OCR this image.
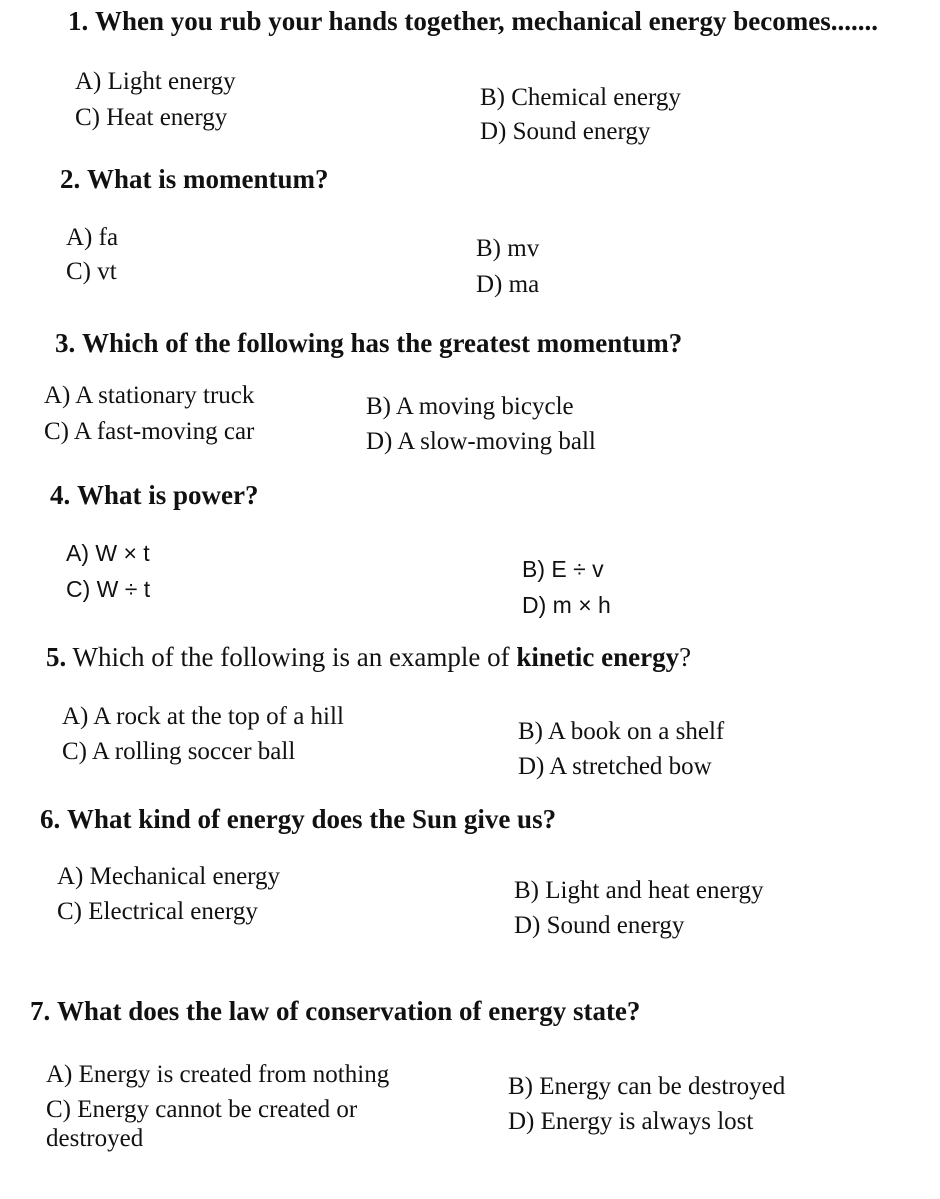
1. When you rub your hands together, mechanical energy becomes.......
A) Light energy
B) Chemical energy
C) Heat energy
D) Sound energy
2. What is momentum?
A) fa	B) mv
C) vt	D) ma
3. Which of the following has the greatest momentum?
A) A stationary truck	B) A moving bicycle
C) A fast-moving car	D) A slow-moving ball
4. What is power?
A) W × t
B) E ÷ v
C) W ÷ t
D) m × h
5. Which of the following is an example of kinetic energy?
A) A rock at the top of a hill
B) A book on a shelf
C) A rolling soccer ball
D) A stretched bow
6. What kind of energy does the Sun give us?
A) Mechanical energy
B) Light and heat energy
C) Electrical energy
D) Sound energy
7. What does the law of conservation of energy state?
A) Energy is created from nothing	B) Energy can be destroyed
C) Energy cannot be created or destroyed
D) Energy is always lost
